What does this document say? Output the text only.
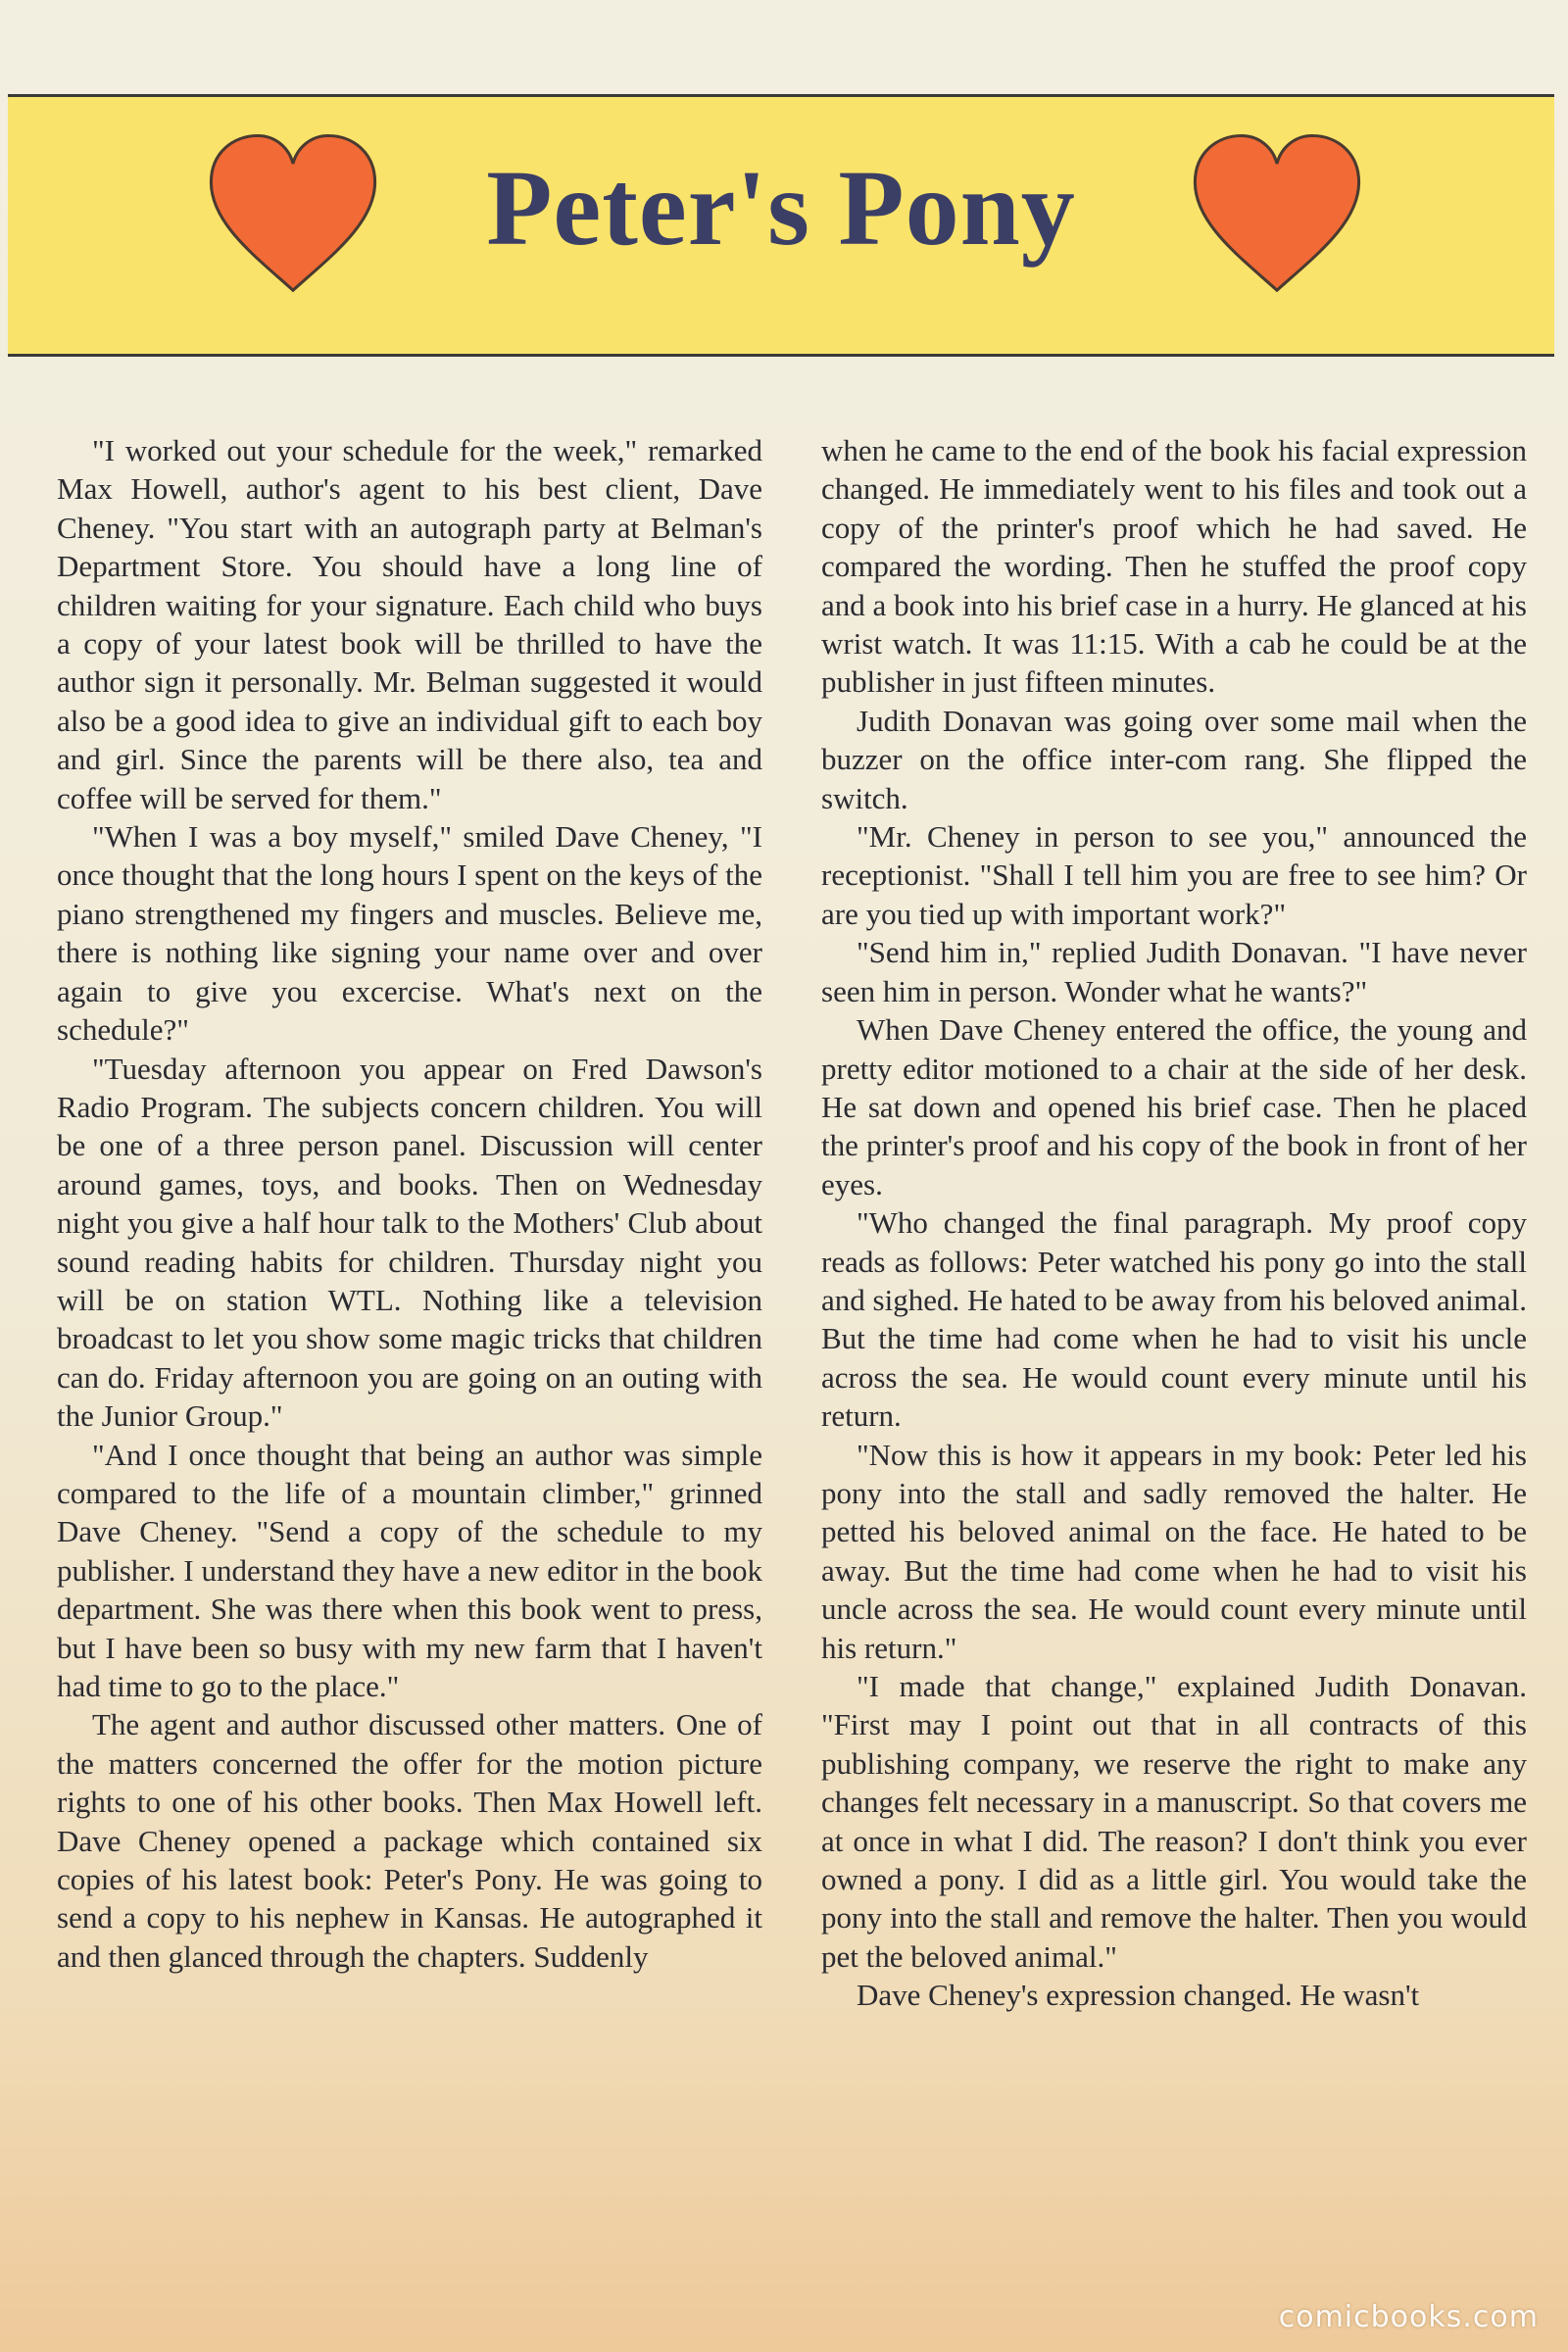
Peter's Pony

"I worked out your schedule for the week," remarked Max Howell, author's agent to his best client, Dave Cheney. "You start with an autograph party at Belman's Department Store. You should have a long line of children waiting for your signature. Each child who buys a copy of your latest book will be thrilled to have the author sign it personally. Mr. Belman suggested it would also be a good idea to give an individual gift to each boy and girl. Since the parents will be there also, tea and coffee will be served for them."

"When I was a boy myself," smiled Dave Cheney, "I once thought that the long hours I spent on the keys of the piano strengthened my fingers and muscles. Believe me, there is nothing like signing your name over and over again to give you excercise. What's next on the schedule?"

"Tuesday afternoon you appear on Fred Dawson's Radio Program. The subjects concern children. You will be one of a three person panel. Discussion will center around games, toys, and books. Then on Wednesday night you give a half hour talk to the Mothers' Club about sound reading habits for children. Thursday night you will be on station WTL. Nothing like a television broadcast to let you show some magic tricks that children can do. Friday afternoon you are going on an outing with the Junior Group."

"And I once thought that being an author was simple compared to the life of a mountain climber," grinned Dave Cheney. "Send a copy of the schedule to my publisher. I understand they have a new editor in the book department. She was there when this book went to press, but I have been so busy with my new farm that I haven't had time to go to the place."

The agent and author discussed other matters. One of the matters concerned the offer for the motion picture rights to one of his other books. Then Max Howell left. Dave Cheney opened a package which contained six copies of his latest book: Peter's Pony. He was going to send a copy to his nephew in Kansas. He autographed it and then glanced through the chapters. Suddenly

when he came to the end of the book his facial expression changed. He immediately went to his files and took out a copy of the printer's proof which he had saved. He compared the wording. Then he stuffed the proof copy and a book into his brief case in a hurry. He glanced at his wrist watch. It was 11:15. With a cab he could be at the publisher in just fifteen minutes.

Judith Donavan was going over some mail when the buzzer on the office inter-com rang. She flipped the switch.

"Mr. Cheney in person to see you," announced the receptionist. "Shall I tell him you are free to see him? Or are you tied up with important work?"

"Send him in," replied Judith Donavan. "I have never seen him in person. Wonder what he wants?"

When Dave Cheney entered the office, the young and pretty editor motioned to a chair at the side of her desk. He sat down and opened his brief case. Then he placed the printer's proof and his copy of the book in front of her eyes.

"Who changed the final paragraph. My proof copy reads as follows: Peter watched his pony go into the stall and sighed. He hated to be away from his beloved animal. But the time had come when he had to visit his uncle across the sea. He would count every minute until his return.

"Now this is how it appears in my book: Peter led his pony into the stall and sadly removed the halter. He petted his beloved animal on the face. He hated to be away. But the time had come when he had to visit his uncle across the sea. He would count every minute until his return."

"I made that change," explained Judith Donavan. "First may I point out that in all contracts of this publishing company, we reserve the right to make any changes felt necessary in a manuscript. So that covers me at once in what I did. The reason? I don't think you ever owned a pony. I did as a little girl. You would take the pony into the stall and remove the halter. Then you would pet the beloved animal."

Dave Cheney's expression changed. He wasn't

comicbooks.com
